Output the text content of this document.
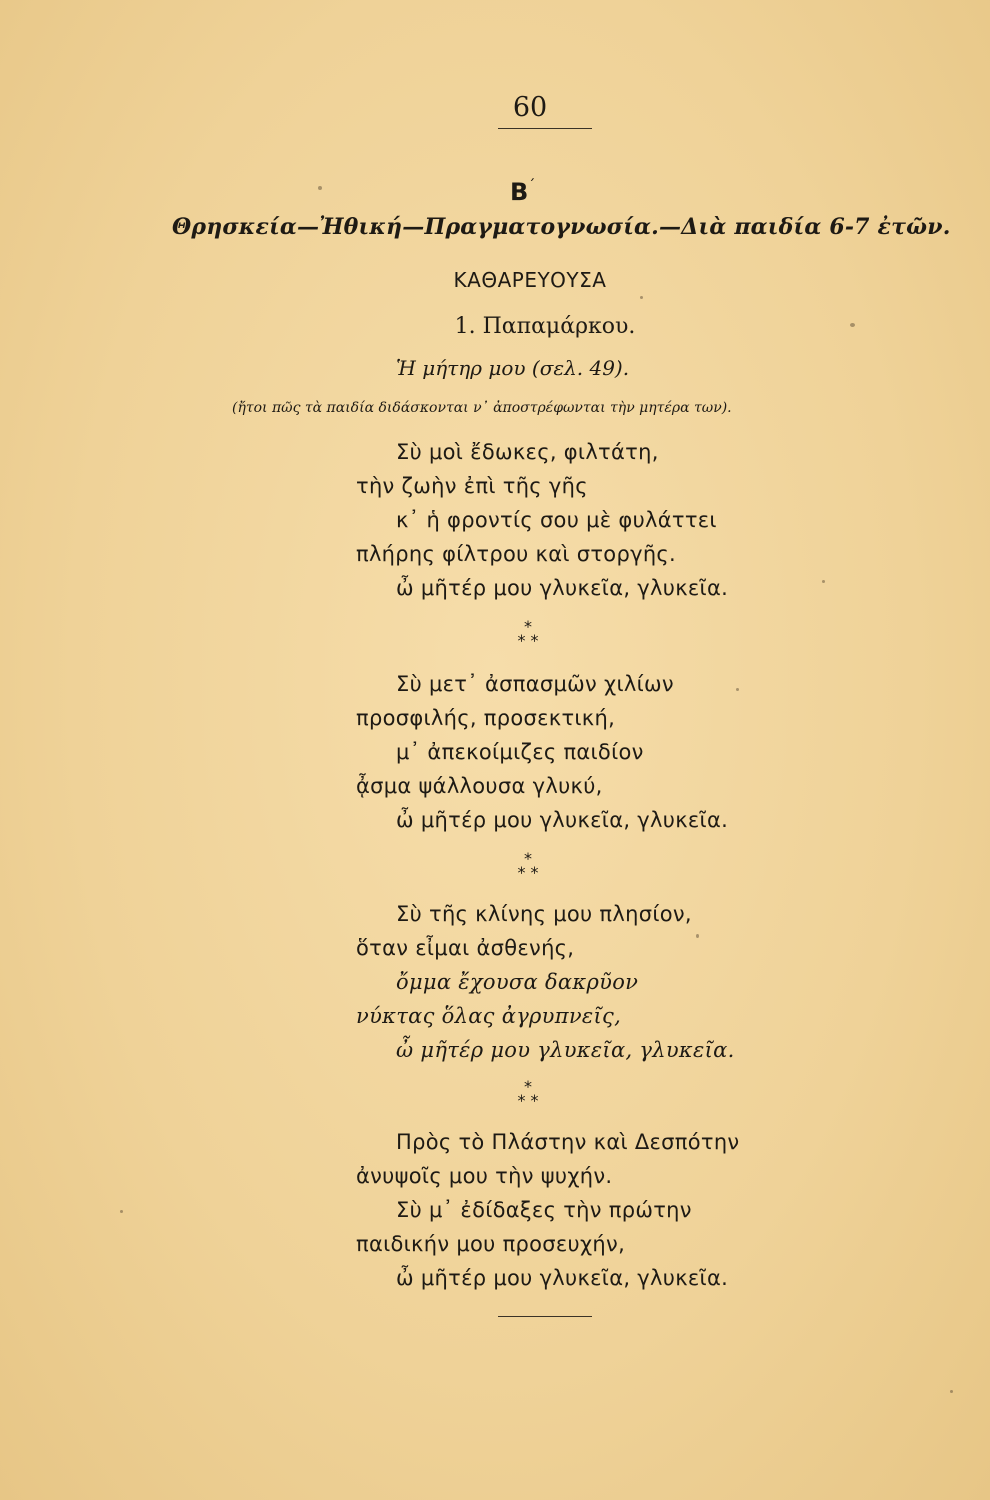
60
Β΄
Θρησκεία—Ἠθική—Πραγματογνωσία.—Διὰ παιδία 6-7 ἐτῶν.
ΚΑΘΑΡΕΥΟΥΣΑ
1. Παπαμάρκου.
Ἡ μήτηρ μου (σελ. 49).
(ἤτοι πῶς τὰ παιδία διδάσκονται ν᾽ ἀποστρέφωνται τὴν μητέρα των).
Σὺ μοὶ ἔδωκες, φιλτάτη,
τὴν ζωὴν ἐπὶ τῆς γῆς
κ᾽ ἡ φροντίς σου μὲ φυλάττει
πλήρης φίλτρου καὶ στοργῆς.
ὦ μῆτέρ μου γλυκεῖα, γλυκεῖα.
*
* *
Σὺ μετ᾽ ἀσπασμῶν χιλίων
προσφιλής, προσεκτική,
μ᾽ ἀπεκοίμιζες παιδίον
ᾆσμα ψάλλουσα γλυκύ,
ὦ μῆτέρ μου γλυκεῖα, γλυκεῖα.
*
* *
Σὺ τῆς κλίνης μου πλησίον,
ὅταν εἶμαι ἀσθενής,
ὄμμα ἔχουσα δακρῦον
νύκτας ὅλας ἀγρυπνεῖς,
ὦ μῆτέρ μου γλυκεῖα, γλυκεῖα.
*
* *
Πρὸς τὸ Πλάστην καὶ Δεσπότην
ἀνυψοῖς μου τὴν ψυχήν.
Σὺ μ᾽ ἐδίδαξες τὴν πρώτην
παιδικήν μου προσευχήν,
ὦ μῆτέρ μου γλυκεῖα, γλυκεῖα.
